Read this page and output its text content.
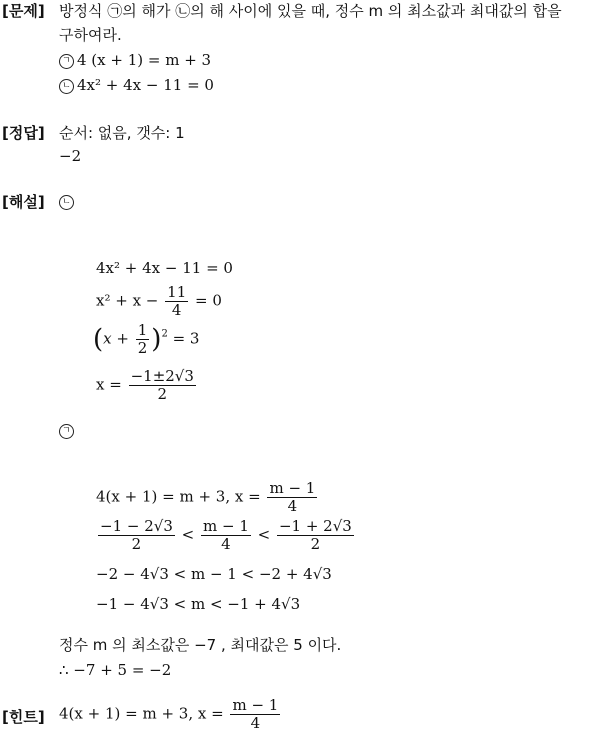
[문제] 방정식 ㉠의 해가 ㉡의 해 사이에 있을 때, 정수 m 의 최소값과 최대값의 합을
구하여라.
ㄱ 4 (x + 1) = m + 3
ㄴ 4x² + 4x − 11 = 0
[정답] 순서: 없음, 갯수: 1
−2
[해설]	ㄴ
4x² + 4x − 11 = 0
$x^2 + x - \frac{11}{4} = 0$
$(x + \frac{1}{2} )^2 = 3$
$x = \frac{-1\pm 2√3}{2}$
ㄱ
4(x + 1) = m + 3, $x = \frac{m - 1}{4}$
$\frac{-1 - 2√3}{2} < \frac{m - 1}{4} < \frac{-1 + 2√3}{2}$
−2 − 4√3 < m − 1 < −2 + 4√3
−1 − 4√3 < m < −1 + 4√3
정수 m 의 최소값은 −7 , 최대값은 5 이다.
∴ −7 + 5 = −2
[힌트] 4(x + 1) = m + 3, $x = \frac{m - 1}{4}$
